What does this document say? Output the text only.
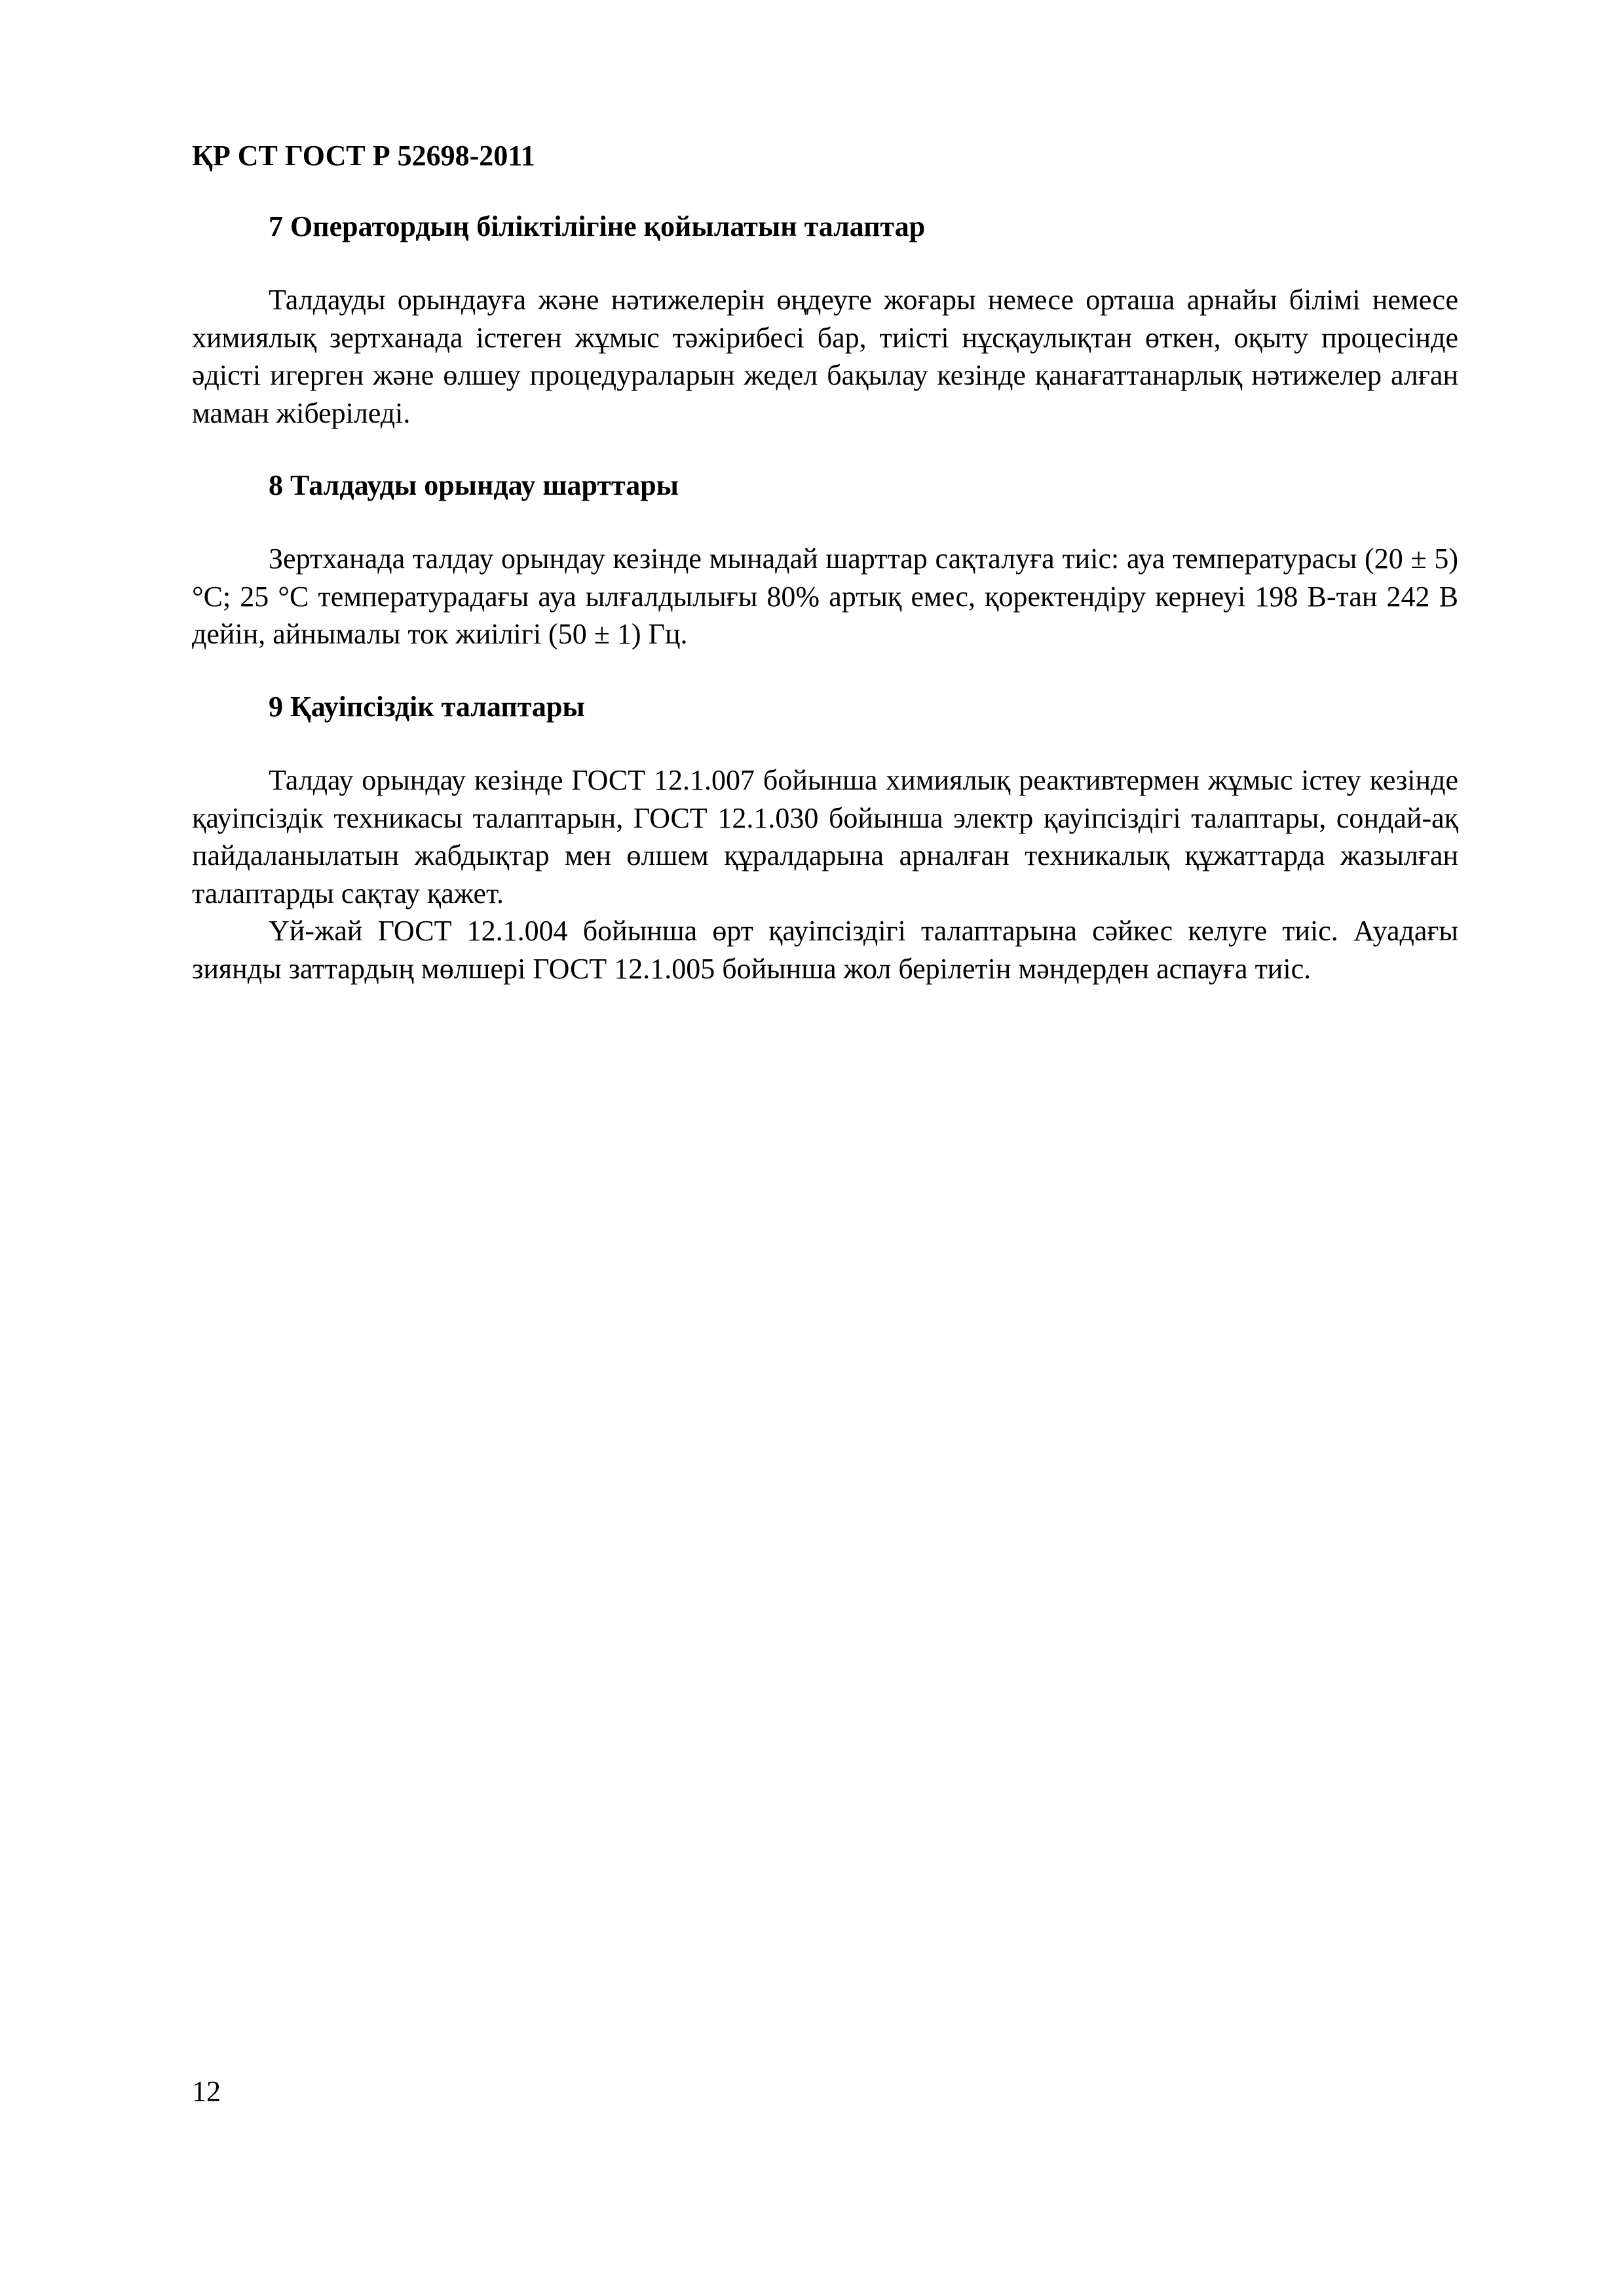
ҚР СТ ГОСТ Р 52698-2011
7 Оператордың біліктілігіне қойылатын талаптар
Талдауды орындауға және нәтижелерін өңдеуге жоғары немесе орташа арнайы білімі немесе химиялық зертханада істеген жұмыс тәжірибесі бар, тиісті нұсқаулықтан өткен, оқыту процесінде әдісті игерген және өлшеу процедураларын жедел бақылау кезінде қанағаттанарлық нәтижелер алған маман жіберіледі.
8 Талдауды орындау шарттары
Зертханада талдау орындау кезінде мынадай шарттар сақталуға тиіс: ауа температурасы (20 ± 5) °С; 25 °С температурадағы ауа ылғалдылығы 80% артық емес, қоректендіру кернеуі 198 В-тан 242 В дейін, айнымалы ток жиілігі (50 ± 1) Гц.
9 Қауіпсіздік талаптары
Талдау орындау кезінде ГОСТ 12.1.007 бойынша химиялық реактивтермен жұмыс істеу кезінде қауіпсіздік техникасы талаптарын, ГОСТ 12.1.030 бойынша электр қауіпсіздігі талаптары, сондай-ақ пайдаланылатын жабдықтар мен өлшем құралдарына арналған техникалық құжаттарда жазылған талаптарды сақтау қажет.
Үй-жай ГОСТ 12.1.004 бойынша өрт қауіпсіздігі талаптарына сәйкес келуге тиіс. Ауадағы зиянды заттардың мөлшері ГОСТ 12.1.005 бойынша жол берілетін мәндерден аспауға тиіс.
12
